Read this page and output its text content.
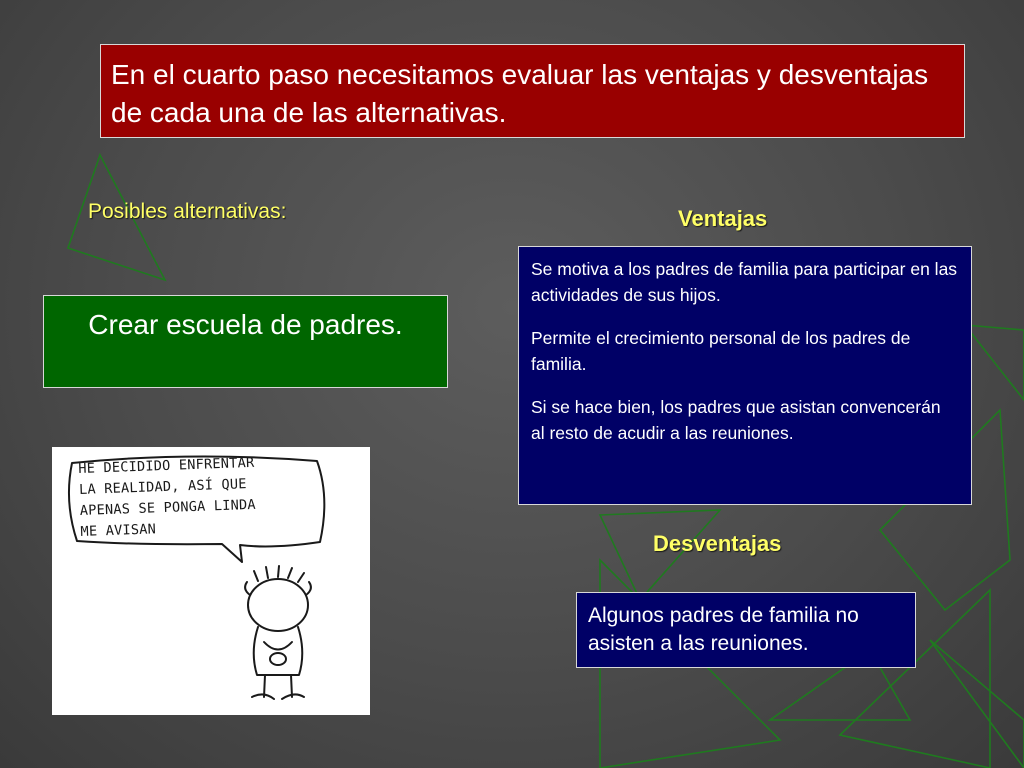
En el cuarto paso necesitamos evaluar las ventajas y desventajas de cada una de las alternativas.
Posibles alternativas:
Crear escuela de padres.
Ventajas

Se motiva a los padres de familia para participar en las actividades de sus hijos.

Permite el crecimiento personal de los padres de familia.

Si se hace bien, los padres que asistan convencerán al resto de acudir a las reuniones.

Desventajas
Algunos padres de familia no asisten a las reuniones.
HE DECIDIDO ENFRENTAR
LA REALIDAD, ASÍ QUE
APENAS SE PONGA LINDA
ME AVISAN
